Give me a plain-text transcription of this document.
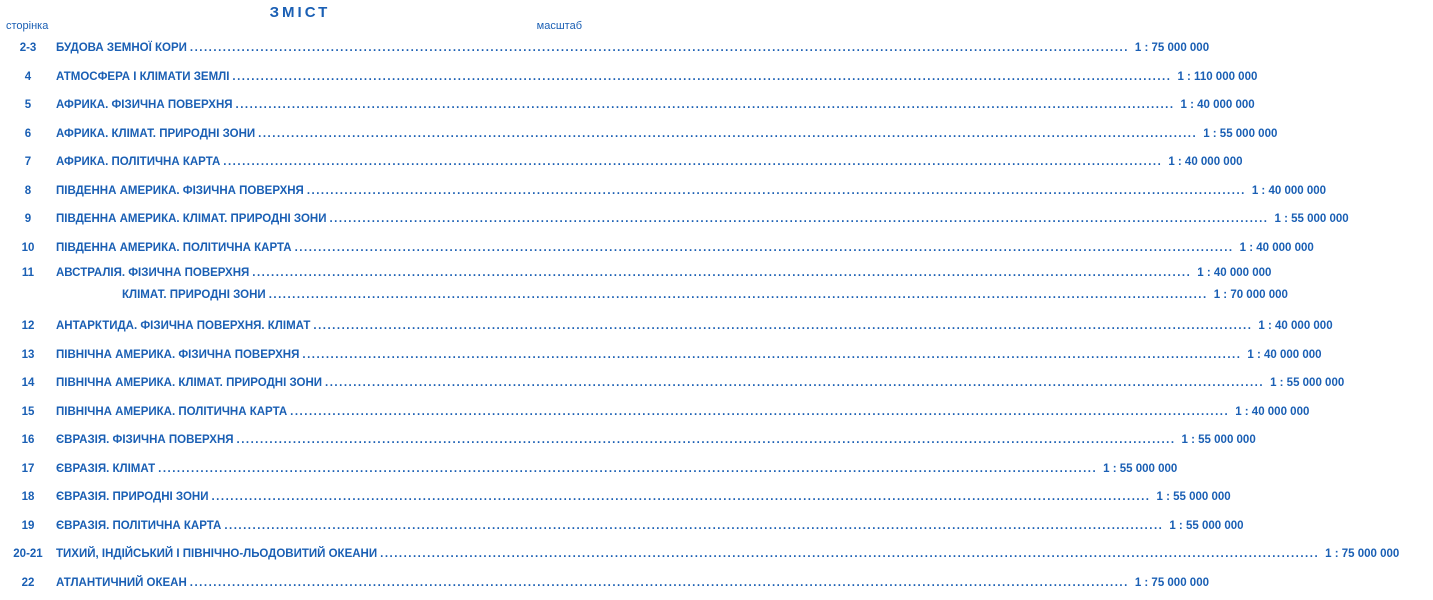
ЗМІСТ
сторінка	масштаб
2-3	БУДОВА ЗЕМНОЇ КОРИ ........................................................................................................................................................................................................ 1 : 75 000 000
4	АТМОСФЕРА І КЛІМАТИ ЗЕМЛІ ........................................................................................................................................................................................................ 1 : 110 000 000
5	АФРИКА. ФІЗИЧНА ПОВЕРХНЯ ........................................................................................................................................................................................................ 1 : 40 000 000
6	АФРИКА. КЛІМАТ. ПРИРОДНІ ЗОНИ ........................................................................................................................................................................................................ 1 : 55 000 000
7	АФРИКА. ПОЛІТИЧНА КАРТА ........................................................................................................................................................................................................ 1 : 40 000 000
8	ПІВДЕННА АМЕРИКА. ФІЗИЧНА ПОВЕРХНЯ ........................................................................................................................................................................................................ 1 : 40 000 000
9	ПІВДЕННА АМЕРИКА. КЛІМАТ. ПРИРОДНІ ЗОНИ ........................................................................................................................................................................................................ 1 : 55 000 000
10	ПІВДЕННА АМЕРИКА. ПОЛІТИЧНА КАРТА ........................................................................................................................................................................................................ 1 : 40 000 000
11	АВСТРАЛІЯ. ФІЗИЧНА ПОВЕРХНЯ ........................................................................................................................................................................................................ 1 : 40 000 000
КЛІМАТ. ПРИРОДНІ ЗОНИ ........................................................................................................................................................................................................ 1 : 70 000 000
12	АНТАРКТИДА. ФІЗИЧНА ПОВЕРХНЯ. КЛІМАТ ........................................................................................................................................................................................................ 1 : 40 000 000
13	ПІВНІЧНА АМЕРИКА. ФІЗИЧНА ПОВЕРХНЯ ........................................................................................................................................................................................................ 1 : 40 000 000
14	ПІВНІЧНА АМЕРИКА. КЛІМАТ. ПРИРОДНІ ЗОНИ ........................................................................................................................................................................................................ 1 : 55 000 000
15	ПІВНІЧНА АМЕРИКА. ПОЛІТИЧНА КАРТА ........................................................................................................................................................................................................ 1 : 40 000 000
16	ЄВРАЗІЯ. ФІЗИЧНА ПОВЕРХНЯ ........................................................................................................................................................................................................ 1 : 55 000 000
17	ЄВРАЗІЯ. КЛІМАТ ........................................................................................................................................................................................................ 1 : 55 000 000
18	ЄВРАЗІЯ. ПРИРОДНІ ЗОНИ ........................................................................................................................................................................................................ 1 : 55 000 000
19	ЄВРАЗІЯ. ПОЛІТИЧНА КАРТА ........................................................................................................................................................................................................ 1 : 55 000 000
20-21	ТИХИЙ, ІНДІЙСЬКИЙ І ПІВНІЧНО-ЛЬОДОВИТИЙ ОКЕАНИ ........................................................................................................................................................................................................ 1 : 75 000 000
22	АТЛАНТИЧНИЙ ОКЕАН ........................................................................................................................................................................................................ 1 : 75 000 000
